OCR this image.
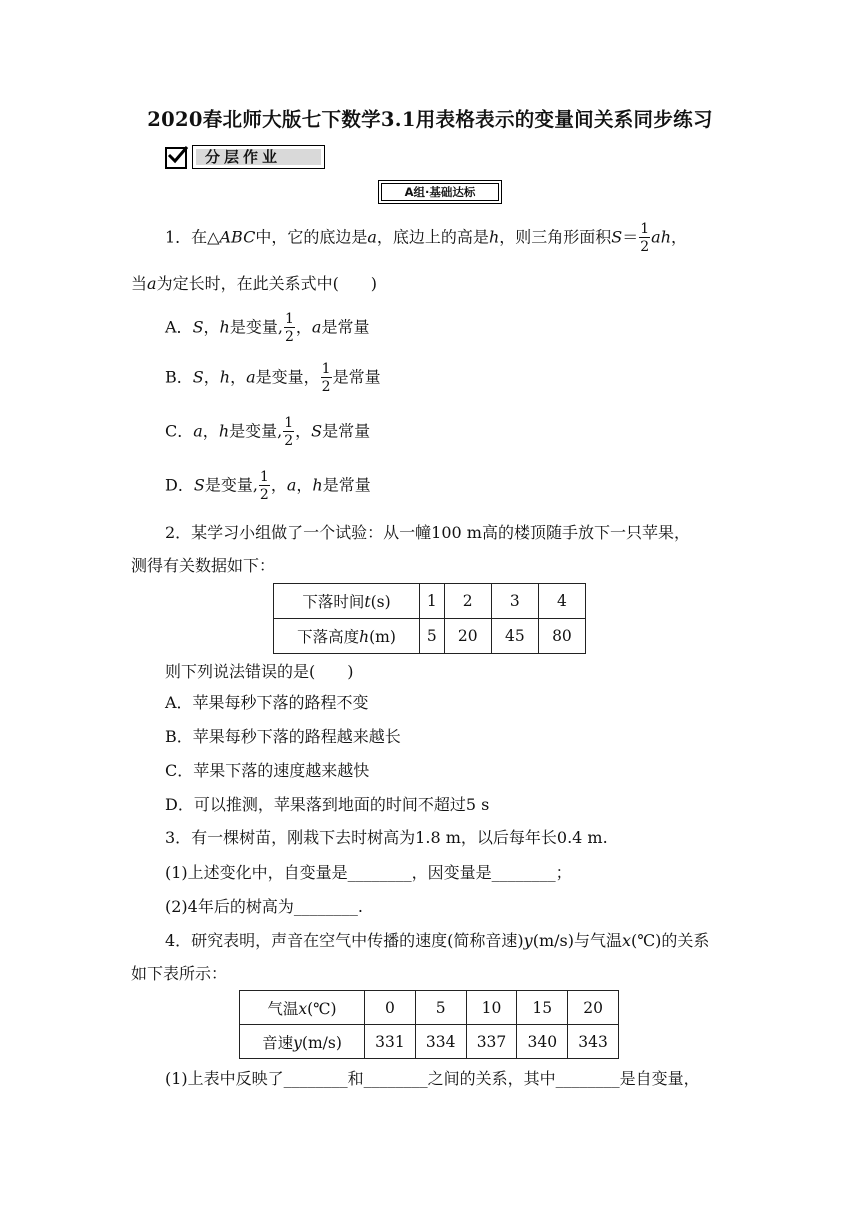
2020春北师大版七下数学3.1用表格表示的变量间关系同步练习
分层作业
A组·基础达标
1．在△ABC中，它的底边是a，底边上的高是h，则三角形面积$S= \frac{1}{2}$ ah，
当a为定长时，在此关系式中(　　)
A．S，h是变量, $\frac{1}{2}$ ，a是常量
B．S，h，a是变量， $\frac{1}{2}$ 是常量
C．a，h是变量, $\frac{1}{2}$ ，S是常量
D．S是变量, $\frac{1}{2}$ ，a，h是常量
2．某学习小组做了一个试验：从一幢100 m高的楼顶随手放下一只苹果，
测得有关数据如下：
下落时间t(s)	1	2	3	4
下落高度h(m)	5	20	45	80
则下列说法错误的是(　　)
A．苹果每秒下落的路程不变
B．苹果每秒下落的路程越来越长
C．苹果下落的速度越来越快
D．可以推测，苹果落到地面的时间不超过5 s
3．有一棵树苗，刚栽下去时树高为1.8 m，以后每年长0.4 m.
(1)上述变化中，自变量是________，因变量是________；
(2)4年后的树高为________.
4．研究表明，声音在空气中传播的速度(简称音速)y(m/s)与气温x(℃)的关系
如下表所示：
气温x(℃)	0	5	10	15	20
音速y(m/s)	331	334	337	340	343
(1)上表中反映了________和________之间的关系，其中________是自变量，
